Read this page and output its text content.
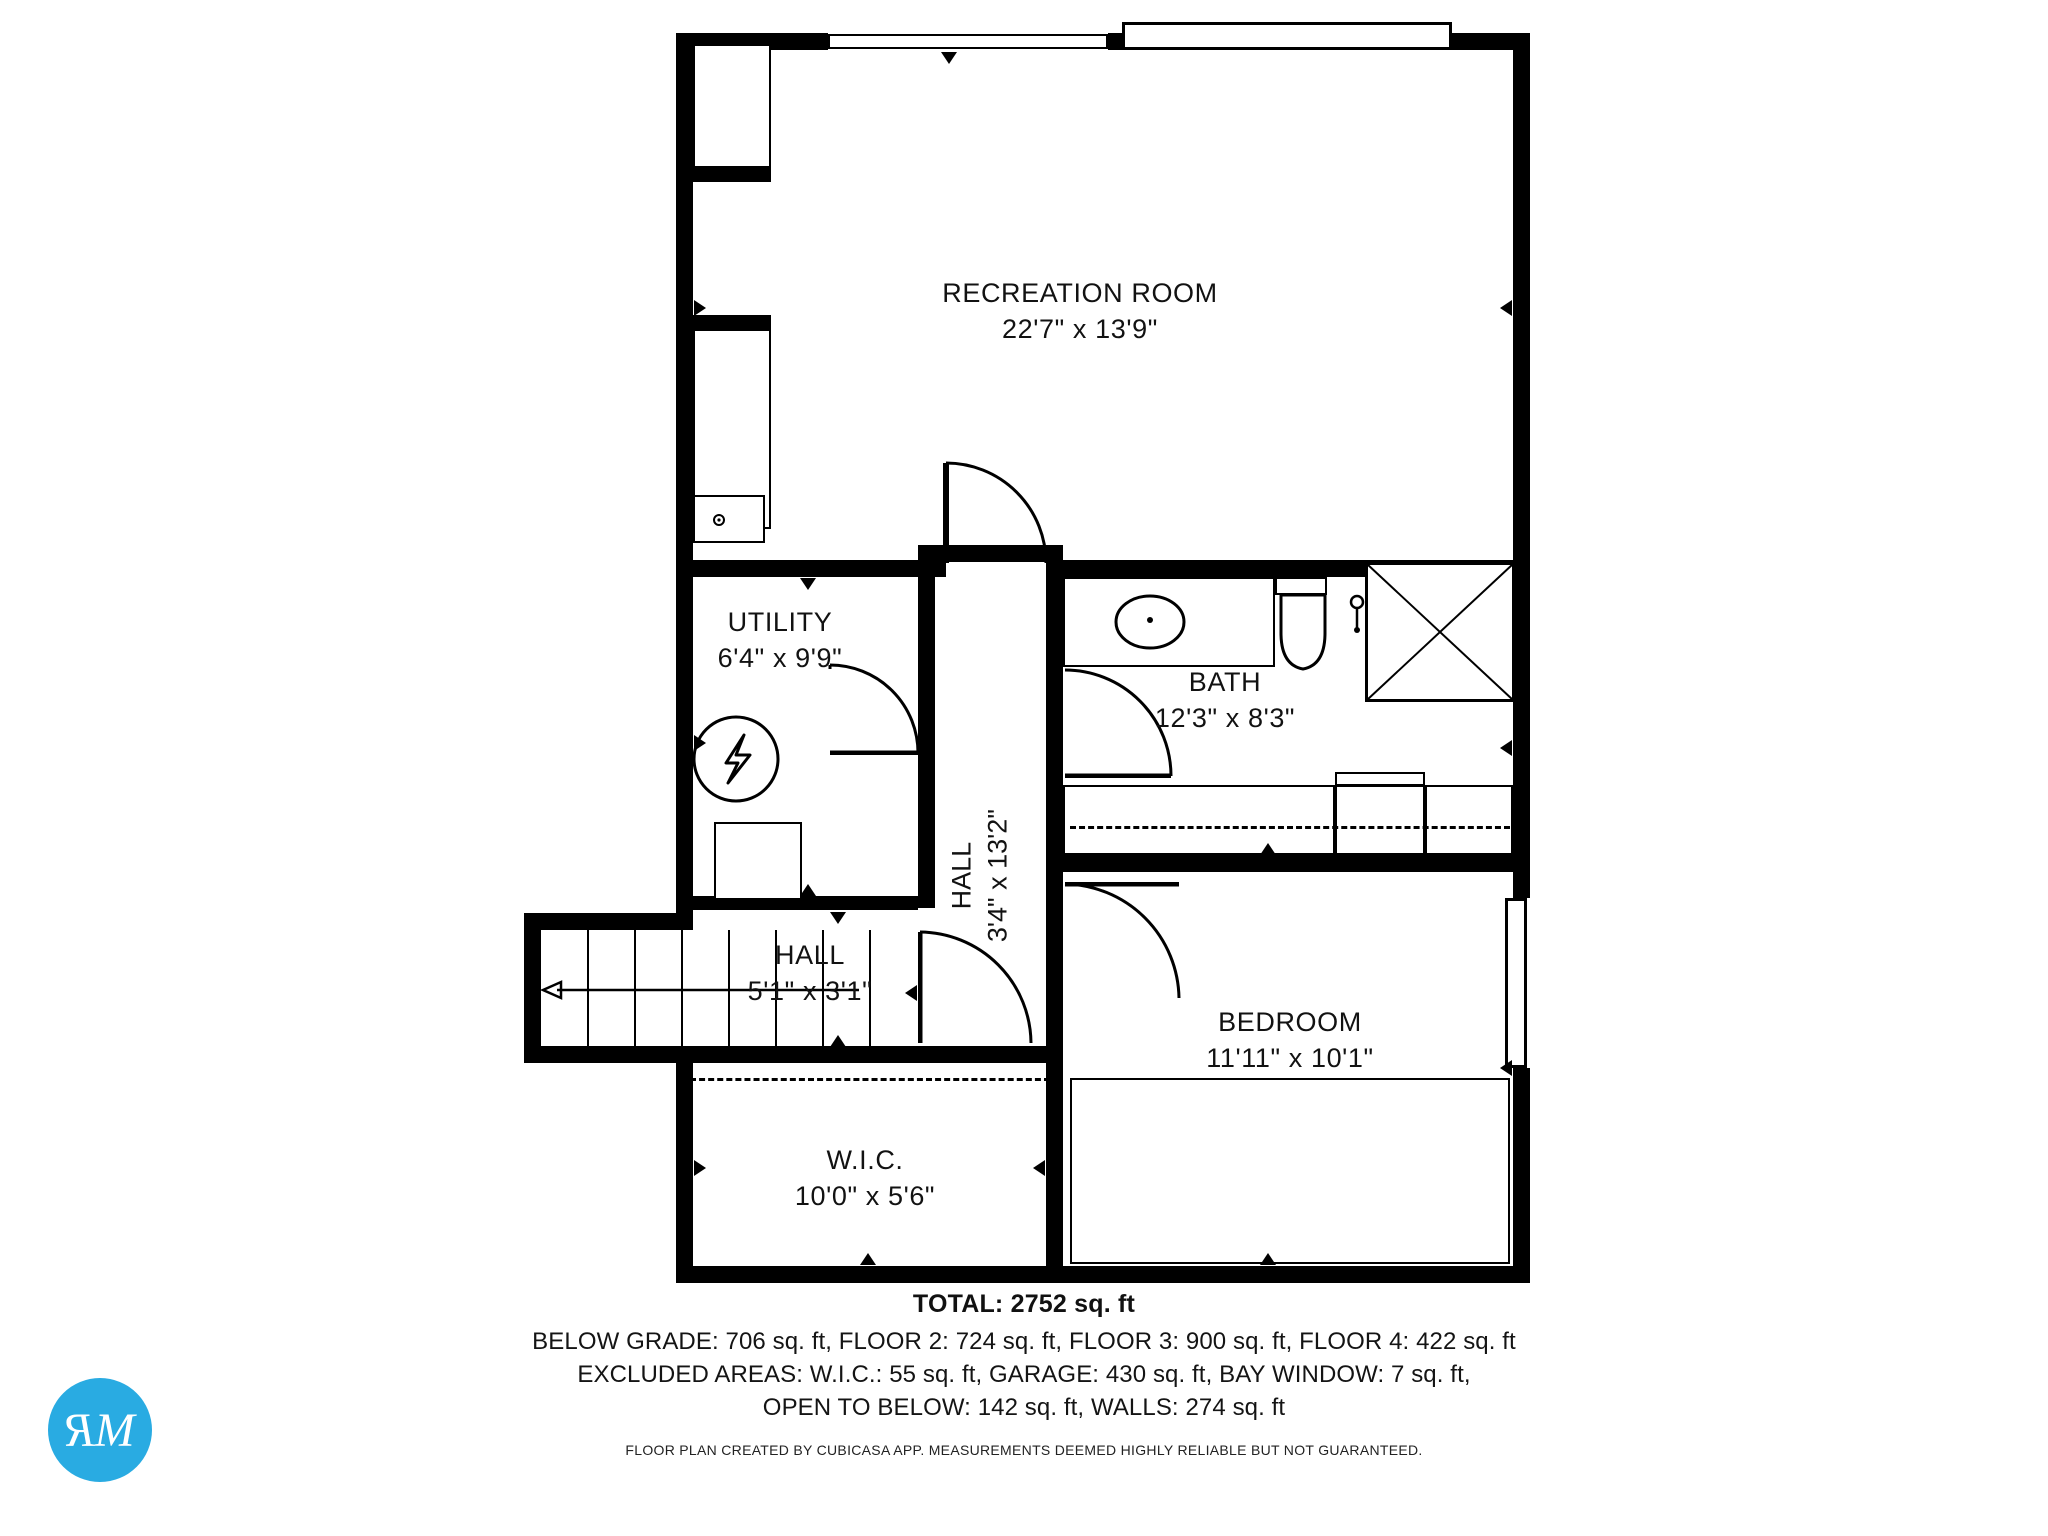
RECREATION ROOM
22'7" x 13'9"
UTILITY
6'4" x 9'9"
BATH
12'3" x 8'3"
HALL 3'4" x 13'2"
HALL
5'1" x 3'1"
BEDROOM
11'11" x 10'1"
W.I.C.
10'0" x 5'6"
TOTAL: 2752 sq. ft
BELOW GRADE: 706 sq. ft, FLOOR 2: 724 sq. ft, FLOOR 3: 900 sq. ft, FLOOR 4: 422 sq. ft
EXCLUDED AREAS: W.I.C.: 55 sq. ft, GARAGE: 430 sq. ft, BAY WINDOW: 7 sq. ft,
OPEN TO BELOW: 142 sq. ft, WALLS: 274 sq. ft
FLOOR PLAN CREATED BY CUBICASA APP. MEASUREMENTS DEEMED HIGHLY RELIABLE BUT NOT GUARANTEED.
RM
